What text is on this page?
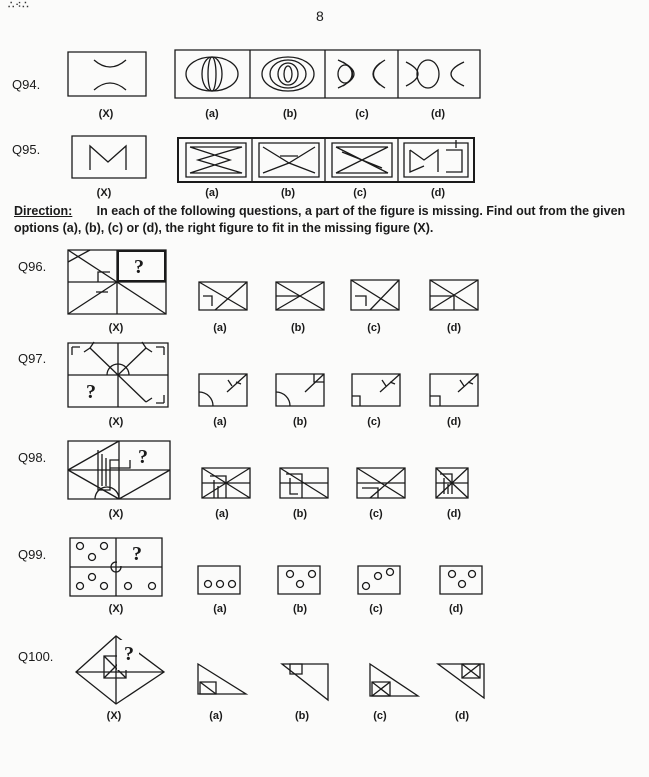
∴⁖∴
8
Q94.
Q95.
Q96.
Q97.
Q98.
Q99.
Q100.
Direction: In each of the following questions, a part of the figure is missing. Find out from the given options (a), (b), (c) or (d), the right figure to fit in the missing figure (X).
(X)	(a)	(b)	(c)	(d)
(X)	(a)	(b)	(c)	(d)
(X)	(a)	(b)	(c)	(d)
(X)	(a)	(b)	(c)	(d)
(X)	(a)	(b)	(c)	(d)
(X)	(a)	(b)	(c)	(d)
(X)	(a)	(b)	(c)	(d)
?
?
?
?
?
